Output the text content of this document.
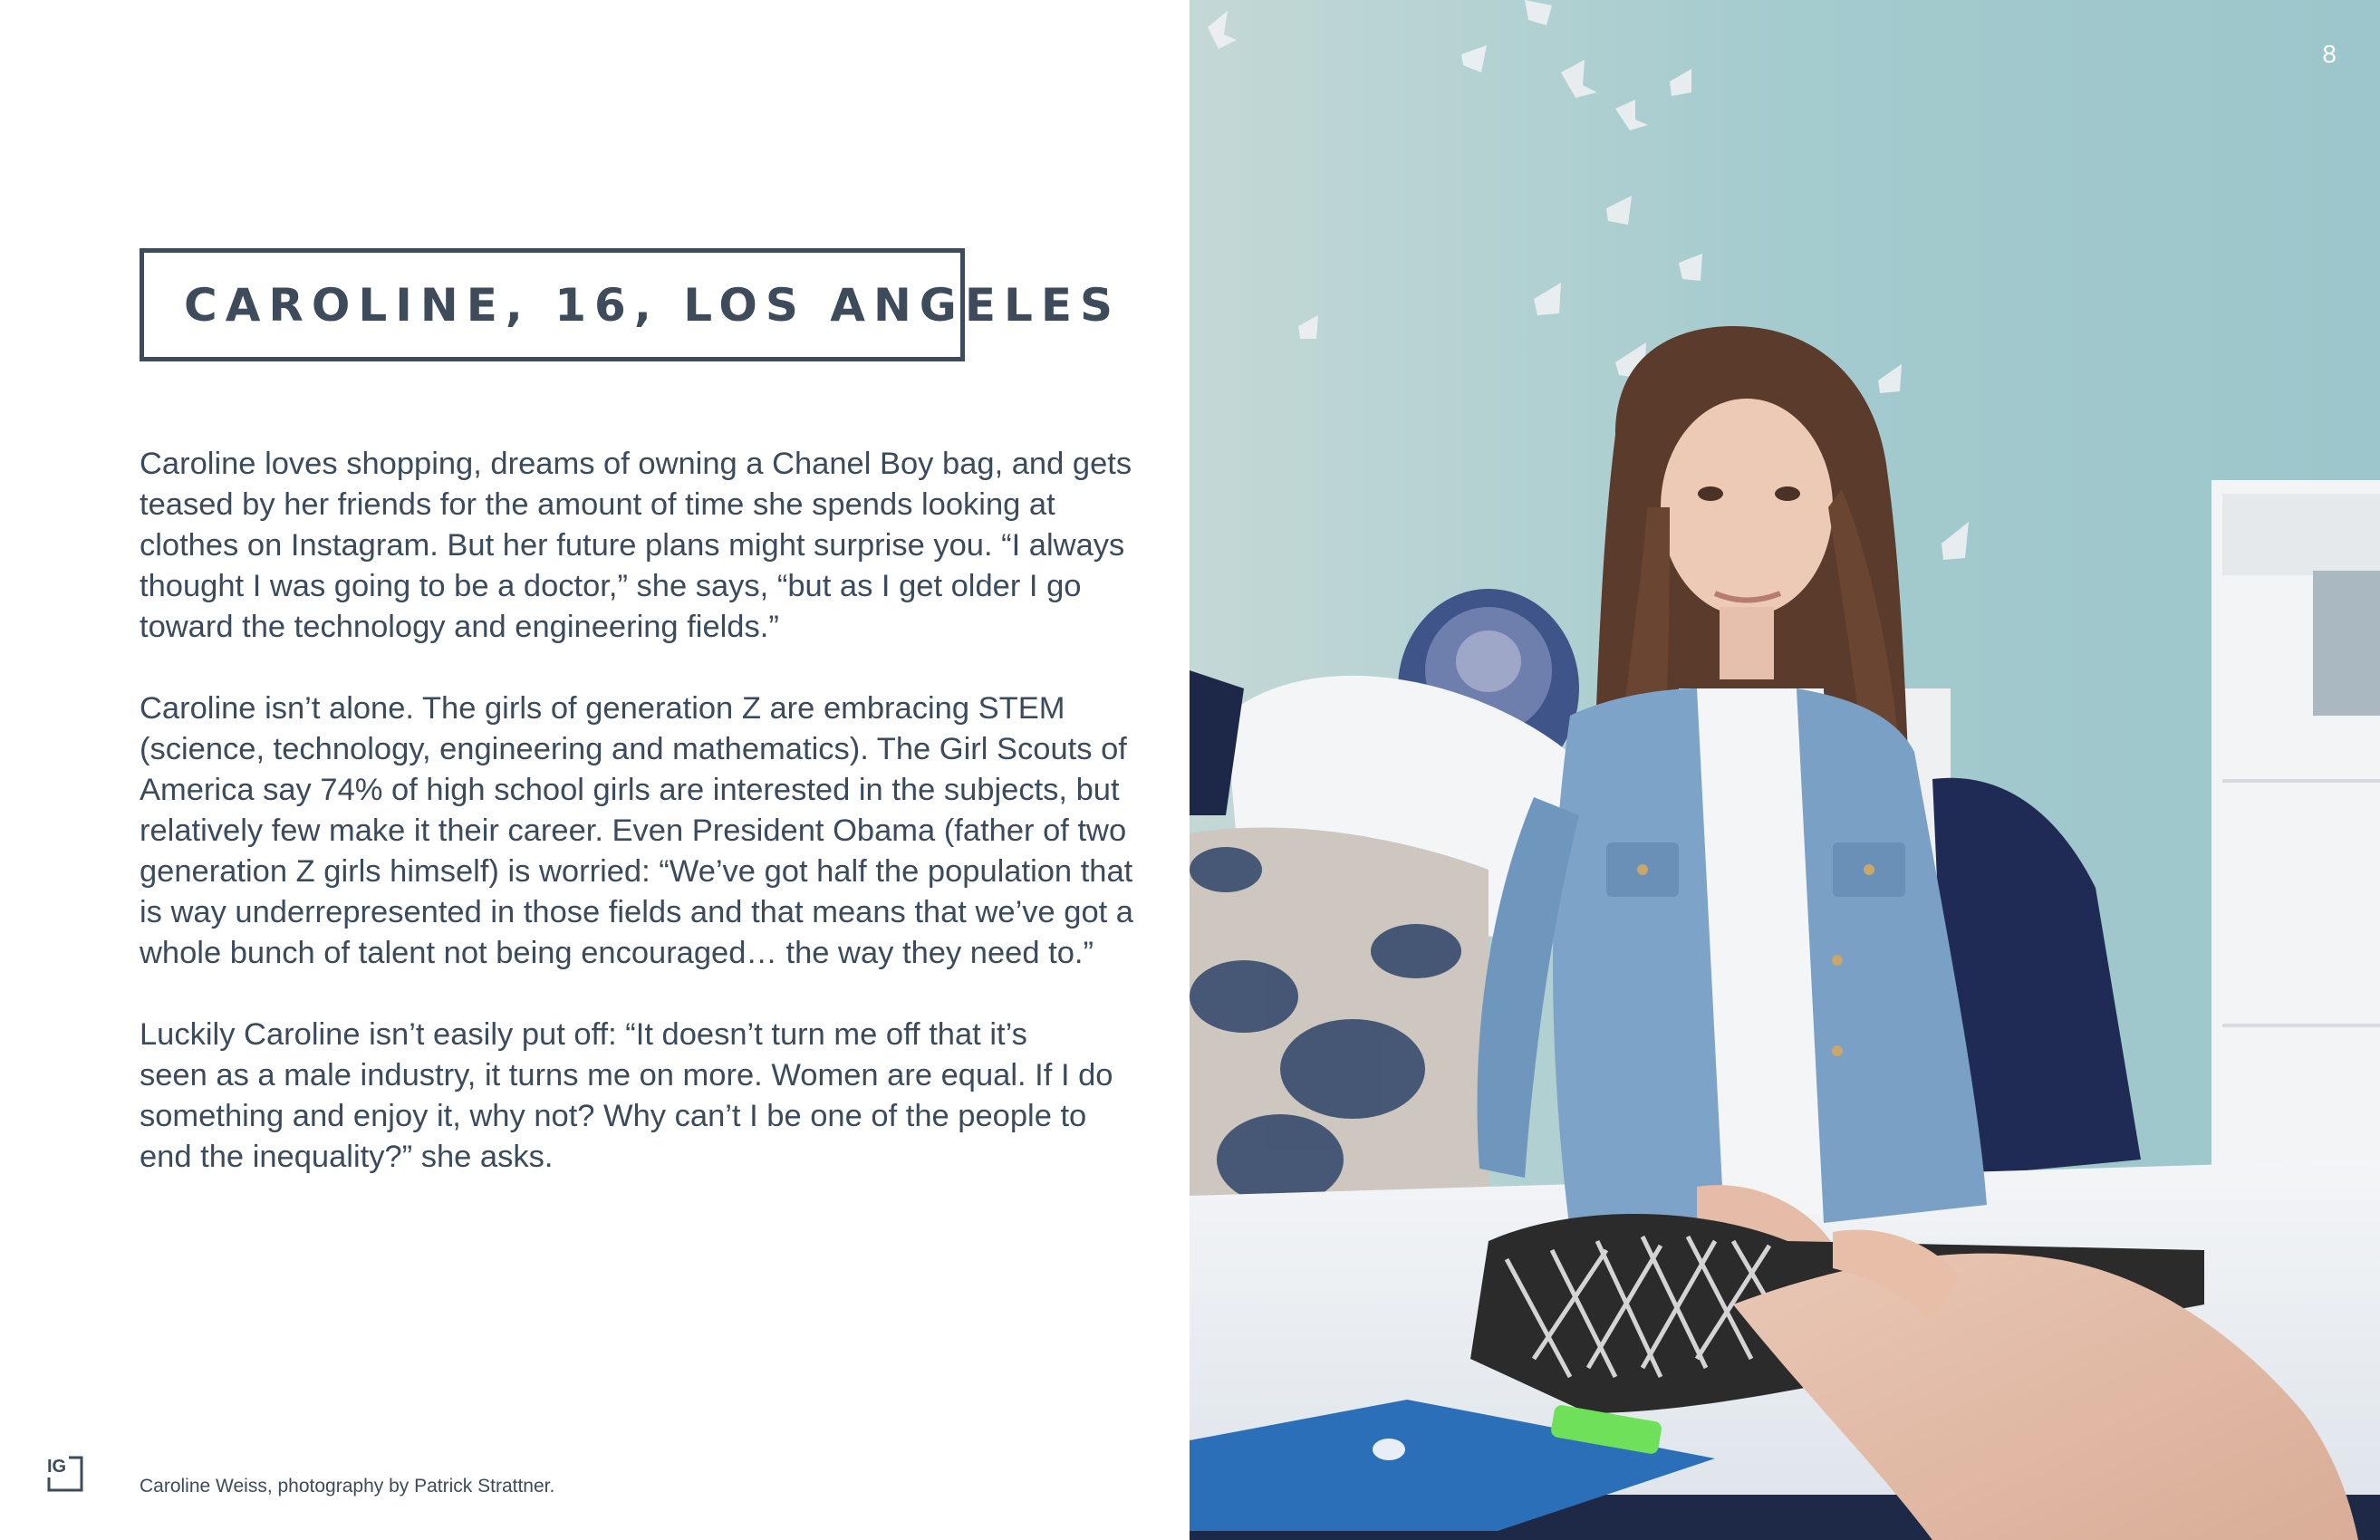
CAROLINE, 16, LOS ANGELES

Caroline loves shopping, dreams of owning a Chanel Boy bag, and gets
teased by her friends for the amount of time she spends looking at
clothes on Instagram. But her future plans might surprise you. “I always
thought I was going to be a doctor,” she says, “but as I get older I go
toward the technology and engineering fields.”

Caroline isn’t alone. The girls of generation Z are embracing STEM
(science, technology, engineering and mathematics). The Girl Scouts of
America say 74% of high school girls are interested in the subjects, but
relatively few make it their career. Even President Obama (father of two
generation Z girls himself) is worried: “We’ve got half the population that
is way underrepresented in those fields and that means that we’ve got a
whole bunch of talent not being encouraged… the way they need to.”

Luckily Caroline isn’t easily put off: “It doesn’t turn me off that it’s
seen as a male industry, it turns me on more. Women are equal. If I do
something and enjoy it, why not? Why can’t I be one of the people to
end the inequality?” she asks.

IG
Caroline Weiss, photography by Patrick Strattner.
8
